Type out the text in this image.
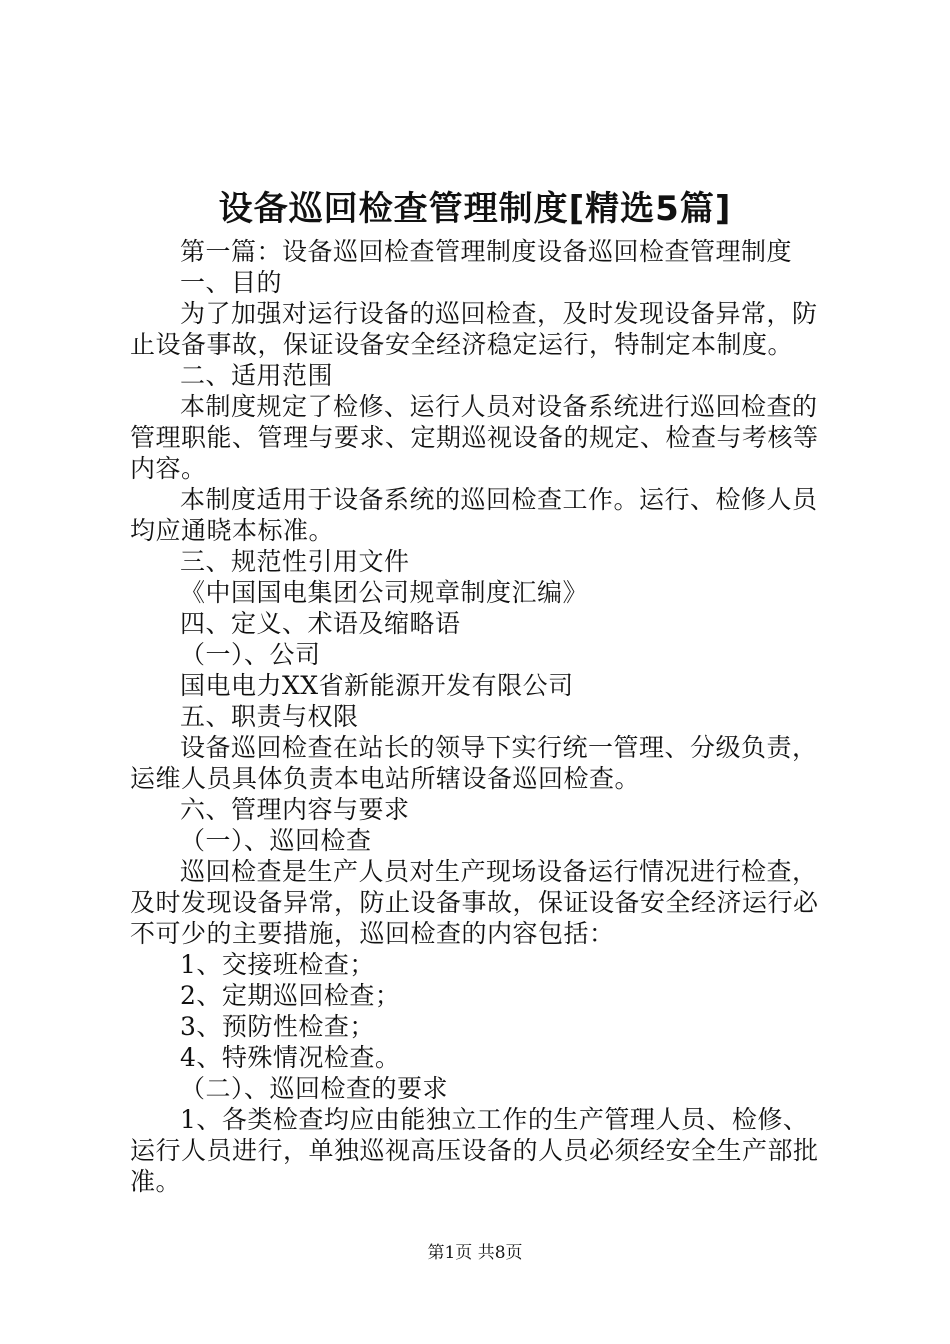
设备巡回检查管理制度[精选5篇]

第一篇：设备巡回检查管理制度设备巡回检查管理制度

一、目的

为了加强对运行设备的巡回检查，及时发现设备异常，防止设备事故，保证设备安全经济稳定运行，特制定本制度。

二、适用范围

本制度规定了检修、运行人员对设备系统进行巡回检查的管理职能、管理与要求、定期巡视设备的规定、检查与考核等内容。

本制度适用于设备系统的巡回检查工作。运行、检修人员均应通晓本标准。

三、规范性引用文件

《中国国电集团公司规章制度汇编》

四、定义、术语及缩略语

（一）、公司

国电电力XX省新能源开发有限公司

五、职责与权限

设备巡回检查在站长的领导下实行统一管理、分级负责，运维人员具体负责本电站所辖设备巡回检查。

六、管理内容与要求

（一）、巡回检查

巡回检查是生产人员对生产现场设备运行情况进行检查，及时发现设备异常，防止设备事故，保证设备安全经济运行必不可少的主要措施，巡回检查的内容包括：

1、交接班检查；

2、定期巡回检查；

3、预防性检查；

4、特殊情况检查。

（二）、巡回检查的要求

1、各类检查均应由能独立工作的生产管理人员、检修、运行人员进行，单独巡视高压设备的人员必须经安全生产部批准。

第1页 共8页
